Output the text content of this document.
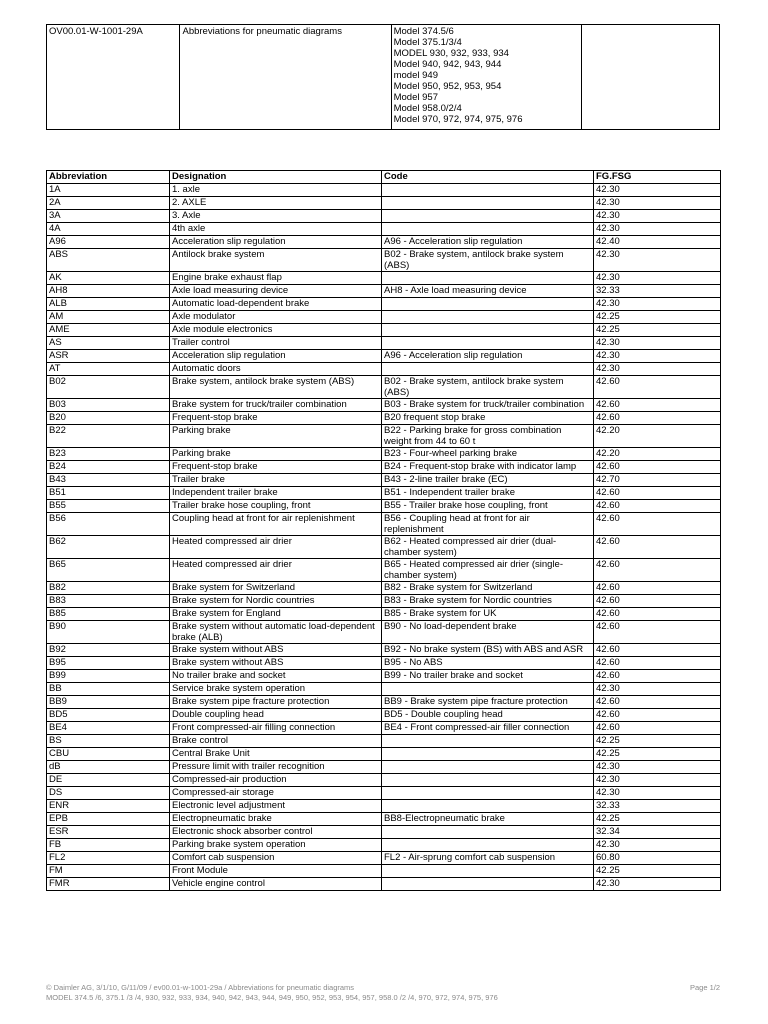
OV00.01-W-1001-29A	Abbreviations for pneumatic diagrams	Model 374.5/6
Model 375.1/3/4
MODEL 930, 932, 933, 934
Model 940, 942, 943, 944
model 949
Model 950, 952, 953, 954
Model 957
Model 958.0/2/4
Model 970, 972, 974, 975, 976

Abbreviation	Designation	Code	FG.FSG
1A	1. axle		42.30
2A	2. AXLE		42.30
3A	3. Axle		42.30
4A	4th axle		42.30
A96	Acceleration slip regulation	A96 - Acceleration slip regulation	42.40
ABS	Antilock brake system	B02 - Brake system, antilock brake system (ABS)	42.30
AK	Engine brake exhaust flap		42.30
AH8	Axle load measuring device	AH8 - Axle load measuring device	32.33
ALB	Automatic load-dependent brake		42.30
AM	Axle modulator		42.25
AME	Axle module electronics		42.25
AS	Trailer control		42.30
ASR	Acceleration slip regulation	A96 - Acceleration slip regulation	42.30
AT	Automatic doors		42.30
B02	Brake system, antilock brake system (ABS)	B02 - Brake system, antilock brake system (ABS)	42.60
B03	Brake system for truck/trailer combination	B03 - Brake system for truck/trailer combination	42.60
B20	Frequent-stop brake	B20 frequent stop brake	42.60
B22	Parking brake	B22 - Parking brake for gross combination weight from 44 to 60 t	42.20
B23	Parking brake	B23 - Four-wheel parking brake	42.20
B24	Frequent-stop brake	B24 - Frequent-stop brake with indicator lamp	42.60
B43	Trailer brake	B43 - 2-line trailer brake (EC)	42.70
B51	Independent trailer brake	B51 - Independent trailer brake	42.60
B55	Trailer brake hose coupling, front	B55 - Trailer brake hose coupling, front	42.60
B56	Coupling head at front for air replenishment	B56 - Coupling head at front for air replenishment	42.60
B62	Heated compressed air drier	B62 - Heated compressed air drier (dual-chamber system)	42.60
B65	Heated compressed air drier	B65 - Heated compressed air drier (single-chamber system)	42.60
B82	Brake system for Switzerland	B82 - Brake system for Switzerland	42.60
B83	Brake system for Nordic countries	B83 - Brake system for Nordic countries	42.60
B85	Brake system for England	B85 - Brake system for UK	42.60
B90	Brake system without automatic load-dependent brake (ALB)	B90 - No load-dependent brake	42.60
B92	Brake system without ABS	B92 - No brake system (BS) with ABS and ASR	42.60
B95	Brake system without ABS	B95 - No ABS	42.60
B99	No trailer brake and socket	B99 - No trailer brake and socket	42.60
BB	Service brake system operation		42.30
BB9	Brake system pipe fracture protection	BB9 - Brake system pipe fracture protection	42.60
BD5	Double coupling head	BD5 - Double coupling head	42.60
BE4	Front compressed-air filling connection	BE4 - Front compressed-air filler connection	42.60
BS	Brake control		42.25
CBU	Central Brake Unit		42.25
dB	Pressure limit with trailer recognition		42.30
DE	Compressed-air production		42.30
DS	Compressed-air storage		42.30
ENR	Electronic level adjustment		32.33
EPB	Electropneumatic brake	BB8-Electropneumatic brake	42.25
ESR	Electronic shock absorber control		32.34
FB	Parking brake system operation		42.30
FL2	Comfort cab suspension	FL2 - Air-sprung comfort cab suspension	60.80
FM	Front Module		42.25
FMR	Vehicle engine control		42.30
© Daimler AG, 3/1/10, G/11/09 / ev00.01-w-1001-29a / Abbreviations for pneumatic diagrams
MODEL 374.5 /6, 375.1 /3 /4, 930, 932, 933, 934, 940, 942, 943, 944, 949, 950, 952, 953, 954, 957, 958.0 /2 /4, 970, 972, 974, 975, 976
Page 1/2
